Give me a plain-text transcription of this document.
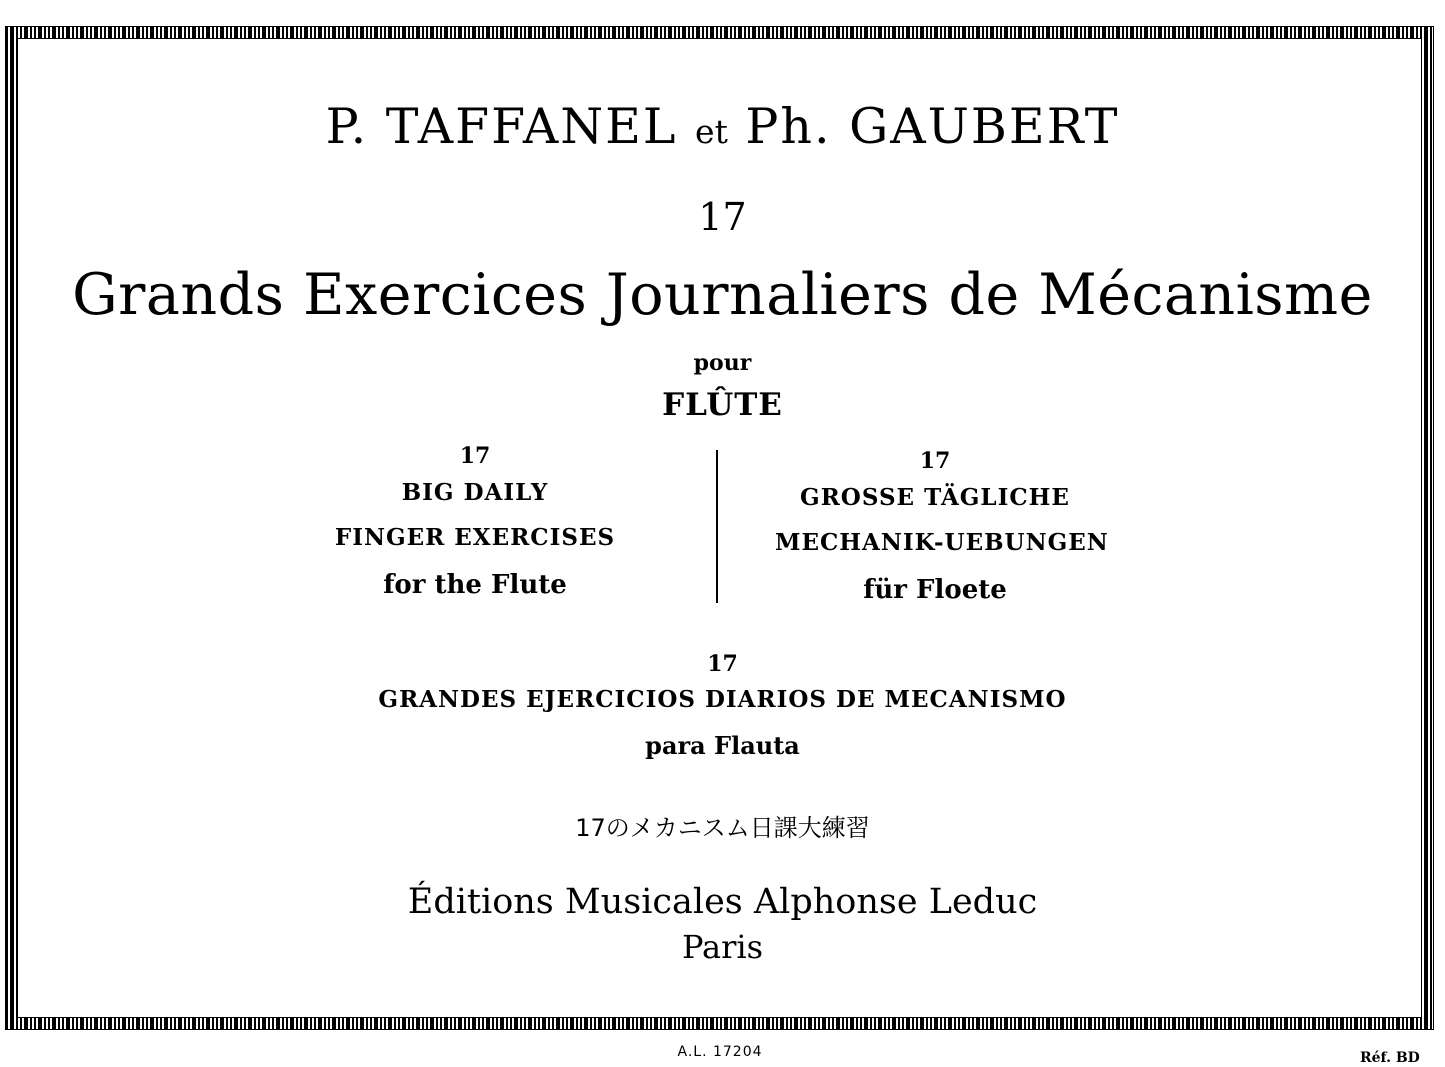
P. TAFFANEL et Ph. GAUBERT
17
Grands Exercices Journaliers de Mécanisme
pour
FLÛTE
17
BIG DAILY
FINGER EXERCISES
for the Flute
17
GROSSE TÄGLICHE
MECHANIK-UEBUNGEN
für Floete
17
GRANDES EJERCICIOS DIARIOS DE MECANISMO
para Flauta
17のメカニスム日課大練習
Éditions Musicales Alphonse Leduc
Paris
A.L. 17204	Réf. BD
